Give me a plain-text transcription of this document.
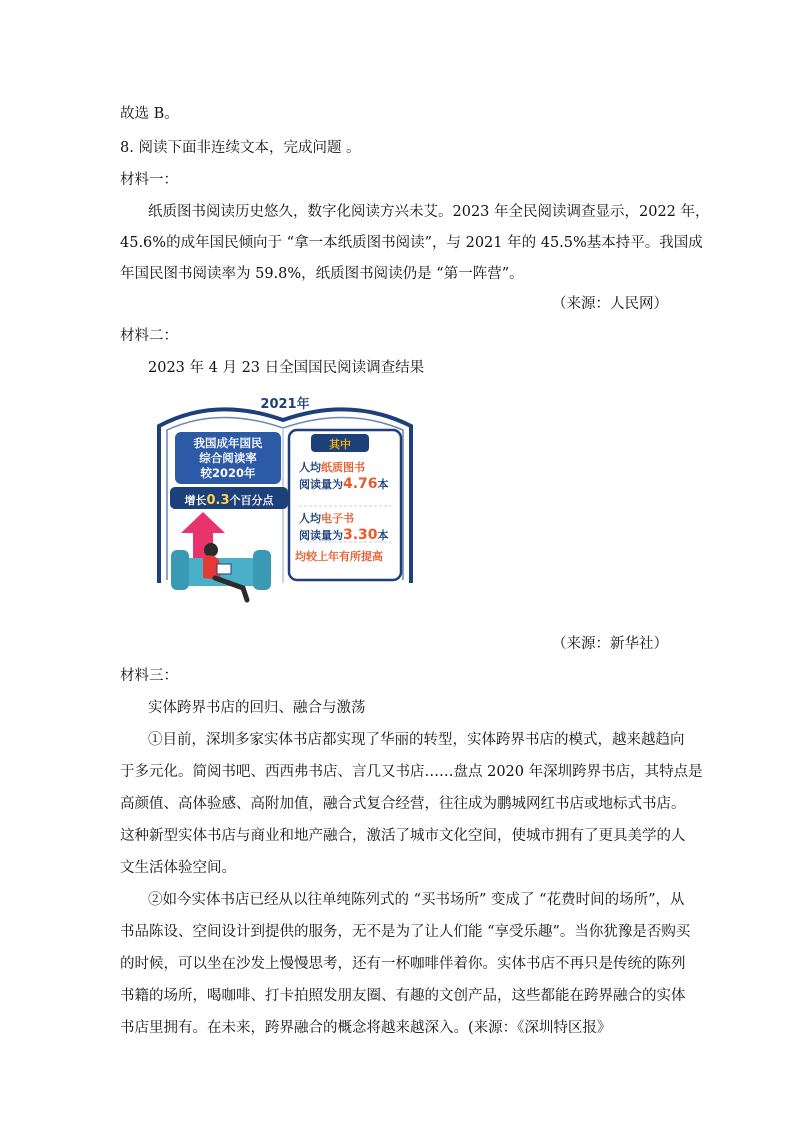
故选 B。
8. 阅读下面非连续文本，完成问题 。
材料一：
纸质图书阅读历史悠久，数字化阅读方兴未艾。2023 年全民阅读调查显示，2022 年，
45.6%的成年国民倾向于 “拿一本纸质图书阅读”，与 2021 年的 45.5%基本持平。我国成
年国民图书阅读率为 59.8%，纸质图书阅读仍是 “第一阵营”。
（来源：人民网）
材料二：
2023 年 4 月 23 日全国国民阅读调查结果
2021年
我国成年国民
综合阅读率
较2020年
增长0.3个百分点
其中
人均纸质图书
阅读量为4.76本
人均电子书
阅读量为3.30本
均较上年有所提高
（来源：新华社）
材料三：
实体跨界书店的回归、融合与激荡
①目前，深圳多家实体书店都实现了华丽的转型，实体跨界书店的模式，越来越趋向
于多元化。简阅书吧、西西弗书店、言几又书店……盘点 2020 年深圳跨界书店，其特点是
高颜值、高体验感、高附加值，融合式复合经营，往往成为鹏城网红书店或地标式书店。
这种新型实体书店与商业和地产融合，激活了城市文化空间，使城市拥有了更具美学的人
文生活体验空间。
②如今实体书店已经从以往单纯陈列式的 “买书场所” 变成了 “花费时间的场所”，从
书品陈设、空间设计到提供的服务，无不是为了让人们能 “享受乐趣”。当你犹豫是否购买
的时候，可以坐在沙发上慢慢思考，还有一杯咖啡伴着你。实体书店不再只是传统的陈列
书籍的场所，喝咖啡、打卡拍照发朋友圈、有趣的文创产品，这些都能在跨界融合的实体
书店里拥有。在未来，跨界融合的概念将越来越深入。(来源：《深圳特区报》
